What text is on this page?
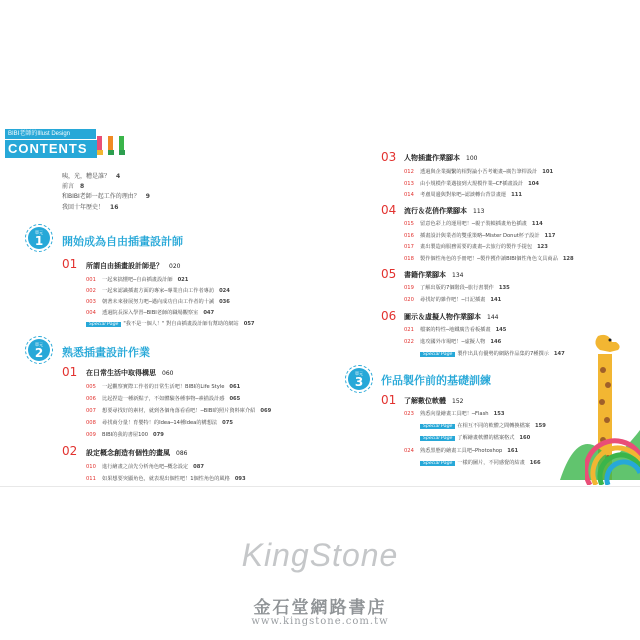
BIBI老師的Illust Design
CONTENTS
咦，光，糟是誰？ 4
前言 8
和BIBI老師一起工作的理由？ 9
我回十年歷史！ 16
單元
1	開始成為自由插畫設計師
01 所謂自由插畫設計師是？ 020
001 一起來搞懂吧─自由插畫設計師 021
002 一起來認識插畫方面的專家─專業自由工作者專訪 024
003 朝著未來發展努力吧─邁向成功自由工作者的十誡 036
004 透過院長深入學習─BIBI老師的職場觀察室 047
Special Page "我不是一個人！" 對自由插畫設計師有幫助的網站 057
單元
2	熟悉插畫設計作業
01 在日常生活中取得構思 060
005 一起觀察實際工作者的日常生活吧！BIBI的Life Style 061
006 比起捏造一種新點子，不如體驗各種事物─素描設計感 065
007 想要尋找好的素材，就到各個角落看看吧！─BIBI的照片資料庫介紹 069
008 尋找商分量！育嬰特！的Idea─14種Idea的構想法 075
009 BIBI的我的書屋100 079
02 設定概念創造有個性的畫風 086
010 進行繪畫之前先分析角色吧─概念設定 087
011 如果想要突顯角色，就表現出個性吧！1個性角色的風格 093
03 人物插畫作業腳本 100
012 透過與企業撮繫的相對論小吾考範畫─廣告筆桿設計 101
013 由小規模作業邁接到大規模作業─CF插畫設計 104
014 考慮周邊與對象吧─認談轉台背景畫運 111
04 流行＆花俏作業腳本 113
015 留意色彩上的運用吧！─親子裝幀插畫角色插畫 114
016 插畫設計與業者的雙重策略─Mister Donut杯子設計 117
017 畫出製造商服務需要的畫畫─去旅行的製作手提包 123
018 製作個性角色的手冊吧！─製作獲作讀BIBI個性角色文具商品 128
05 書籍作業腳本 134
019 了解出版的7個階段─旅行書製作 135
020 尋找好的雜作吧！─日記插畫 141
06 圖示＆虛擬人物作業腳本 144
021 檔案的特性─地鐵廣告看板插畫 145
022 進攻國外市場吧！─虛擬人物 146
Special Page 製作出具有優勢的網路作品集的7種撰示 147
單元
3	作品製作前的基礎訓練
01 了解數位軟體 152
023 熟悉向量繪畫工具吧！─Flash 153
Special Page 在相互不同的軟體之間轉換檔案 159
Special Page 了解繪畫軟體的檔案格式 160
024 熟悉黑態的繪畫工具吧─Photoshop 161
Special Page 一樣的圖片，不同感覺的結畫 166
KingStone
金石堂網路書店
www.kingstone.com.tw
